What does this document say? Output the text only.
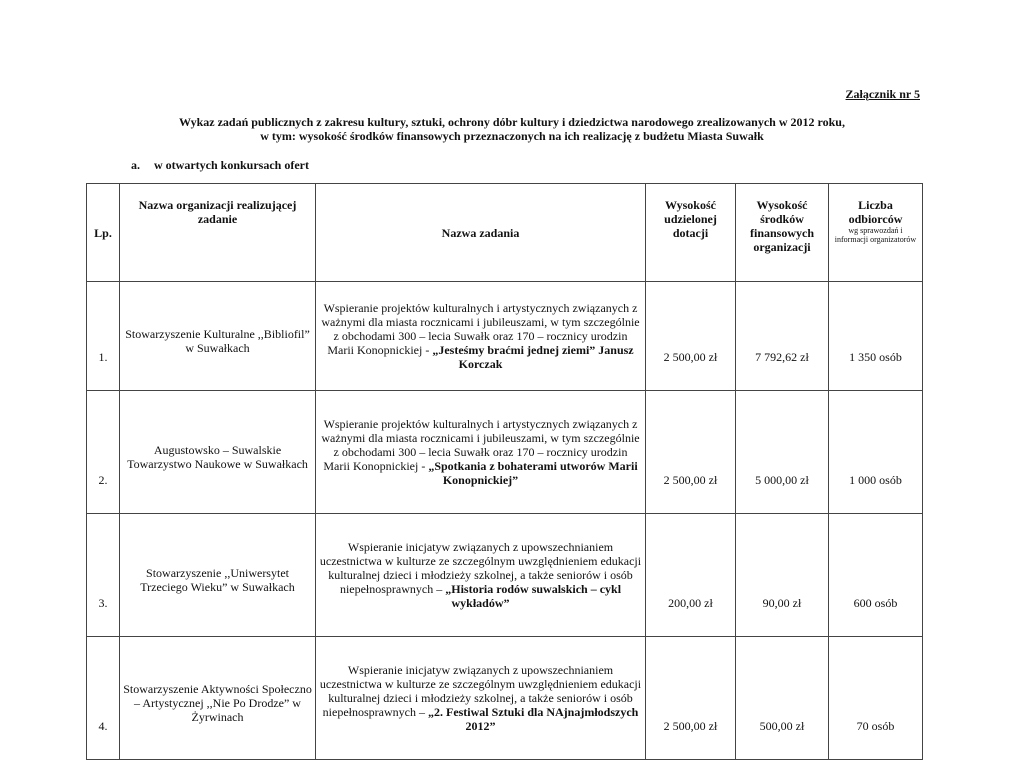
Załącznik nr 5
Wykaz zadań publicznych z zakresu kultury, sztuki, ochrony dóbr kultury i dziedzictwa narodowego zrealizowanych w 2012 roku,
w tym: wysokość środków finansowych przeznaczonych na ich realizację z budżetu Miasta Suwałk
a. w otwartych konkursach ofert
Lp.	Nazwa organizacji realizującej zadanie	Nazwa zadania	Wysokość udzielonej dotacji	Wysokość środków finansowych organizacji	Liczba odbiorców
wg sprawozdań i informacji organizatorów

1.	Stowarzyszenie Kulturalne ,,Bibliofil” w Suwałkach	Wspieranie projektów kulturalnych i artystycznych związanych z ważnymi dla miasta rocznicami i jubileuszami, w tym szczególnie z obchodami 300 – lecia Suwałk oraz 170 – rocznicy urodzin Marii Konopnickiej - „Jesteśmy braćmi jednej ziemi” Janusz Korczak	2 500,00 zł	7 792,62 zł	1 350 osób
2.	Augustowsko – Suwalskie Towarzystwo Naukowe w Suwałkach	Wspieranie projektów kulturalnych i artystycznych związanych z ważnymi dla miasta rocznicami i jubileuszami, w tym szczególnie z obchodami 300 – lecia Suwałk oraz 170 – rocznicy urodzin Marii Konopnickiej - „Spotkania z bohaterami utworów Marii Konopnickiej”	2 500,00 zł	5 000,00 zł	1 000 osób
3.	Stowarzyszenie ,,Uniwersytet Trzeciego Wieku” w Suwałkach	Wspieranie inicjatyw związanych z upowszechnianiem uczestnictwa w kulturze ze szczególnym uwzględnieniem edukacji kulturalnej dzieci i młodzieży szkolnej, a także seniorów i osób niepełnosprawnych – „Historia rodów suwalskich – cykl wykładów”	200,00 zł	90,00 zł	600 osób
4.	Stowarzyszenie Aktywności Społeczno – Artystycznej ,,Nie Po Drodze” w Żyrwinach	Wspieranie inicjatyw związanych z upowszechnianiem uczestnictwa w kulturze ze szczególnym uwzględnieniem edukacji kulturalnej dzieci i młodzieży szkolnej, a także seniorów i osób niepełnosprawnych – „2. Festiwal Sztuki dla NAjnajmłodszych 2012”	2 500,00 zł	500,00 zł	70 osób
